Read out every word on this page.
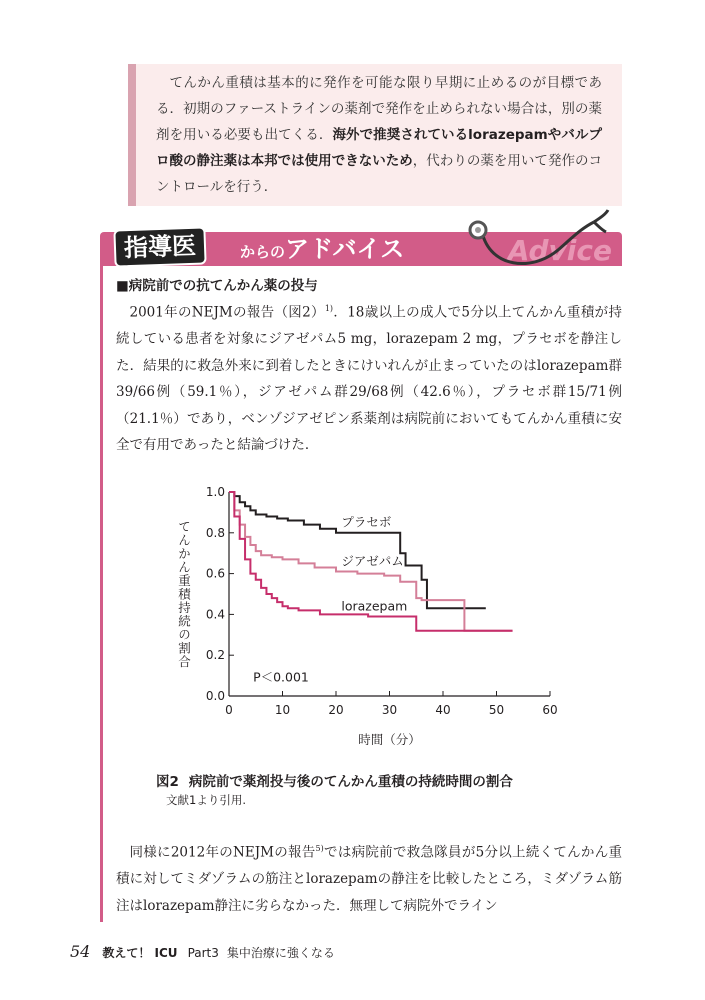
てんかん重積は基本的に発作を可能な限り早期に止めるのが目標である．初期のファーストラインの薬剤で発作を止められない場合は，別の薬剤を用いる必要も出てくる．海外で推奨されているlorazepamやバルプロ酸の静注薬は本邦では使用できないため，代わりの薬を用いて発作のコントロールを行う．
指導医	からのアドバイス	Advice
■病院前での抗てんかん薬の投与
2001年のNEJMの報告（図2）$^{1)}$．18歳以上の成人で5分以上てんかん重積が持続している患者を対象にジアゼパム5 mg，lorazepam 2 mg，プラセボを静注した．結果的に救急外来に到着したときにけいれんが止まっていたのはlorazepam群39/66例（59.1％），ジアゼパム群29/68例（42.6％），プラセボ群15/71例（21.1％）であり，ベンゾジアゼピン系薬剤は病院前においてもてんかん重積に安全で有用であったと結論づけた．
0.0
0.2
0.4
0.6
0.8
1.0
0	10	20	30	40	50	60
プラセボ
ジアゼパム
lorazepam
P＜0.001
時間（分）
てんかん重積持続の割合
図2 病院前で薬剤投与後のてんかん重積の持続時間の割合
文献1より引用.
同様に2012年のNEJMの報告$^{5)}$では病院前で救急隊員が5分以上続くてんかん重積に対してミダゾラムの筋注とlorazepamの静注を比較したところ，ミダゾラム筋注はlorazepam静注に劣らなかった．無理して病院外でライン
54 教えて！ ICU Part3 集中治療に強くなる
